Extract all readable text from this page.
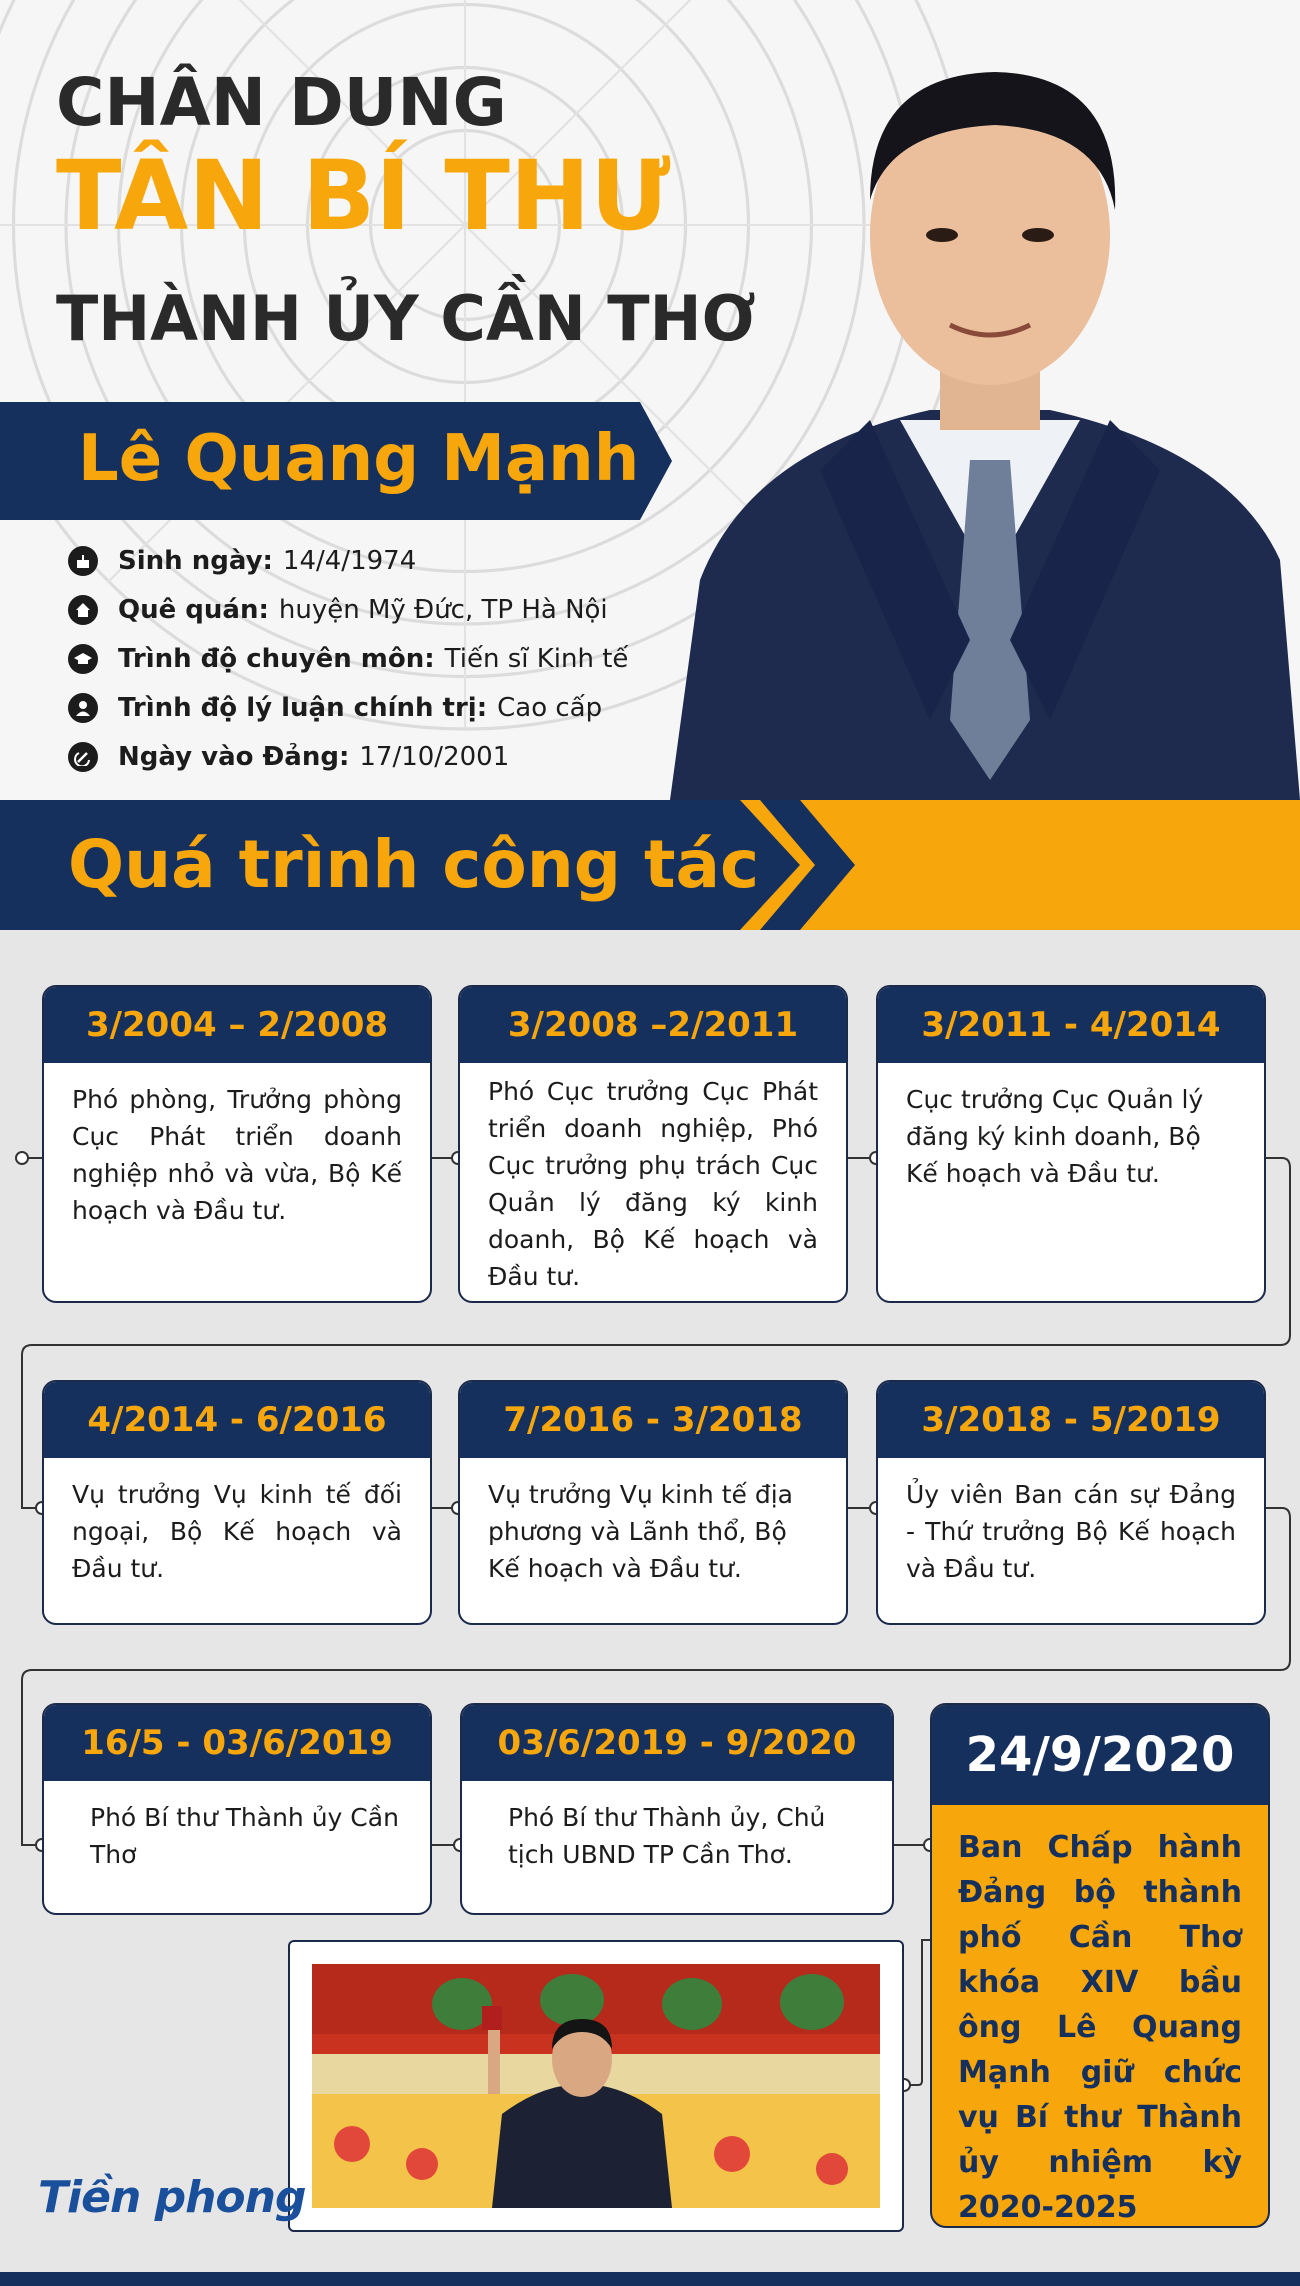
CHÂN DUNG
TÂN BÍ THƯ
THÀNH ỦY CẦN THƠ
Lê Quang Mạnh
Sinh ngày: 14/4/1974
Quê quán: huyện Mỹ Đức, TP Hà Nội
Trình độ chuyên môn: Tiến sĩ Kinh tế
Trình độ lý luận chính trị: Cao cấp
Ngày vào Đảng: 17/10/2001
Quá trình công tác
3/2004 – 2/2008
Phó phòng, Trưởng phòng Cục Phát triển doanh nghiệp nhỏ và vừa, Bộ Kế hoạch và Đầu tư.
3/2008 –2/2011
Phó Cục trưởng Cục Phát triển doanh nghiệp, Phó Cục trưởng phụ trách Cục Quản lý đăng ký kinh doanh, Bộ Kế hoạch và Đầu tư.
3/2011 - 4/2014
Cục trưởng Cục Quản lý đăng ký kinh doanh, Bộ Kế hoạch và Đầu tư.
4/2014 - 6/2016
Vụ trưởng Vụ kinh tế đối ngoại, Bộ Kế hoạch và Đầu tư.
7/2016 - 3/2018
Vụ trưởng Vụ kinh tế địa phương và Lãnh thổ, Bộ Kế hoạch và Đầu tư.
3/2018 - 5/2019
Ủy viên Ban cán sự Đảng - Thứ trưởng Bộ Kế hoạch và Đầu tư.
16/5 - 03/6/2019
Phó Bí thư Thành ủy Cần Thơ
03/6/2019 - 9/2020
Phó Bí thư Thành ủy, Chủ tịch UBND TP Cần Thơ.
24/9/2020
Ban Chấp hành Đảng bộ thành phố Cần Thơ khóa XIV bầu ông Lê Quang Mạnh giữ chức vụ Bí thư Thành ủy nhiệm kỳ 2020-2025
Tiền phong
